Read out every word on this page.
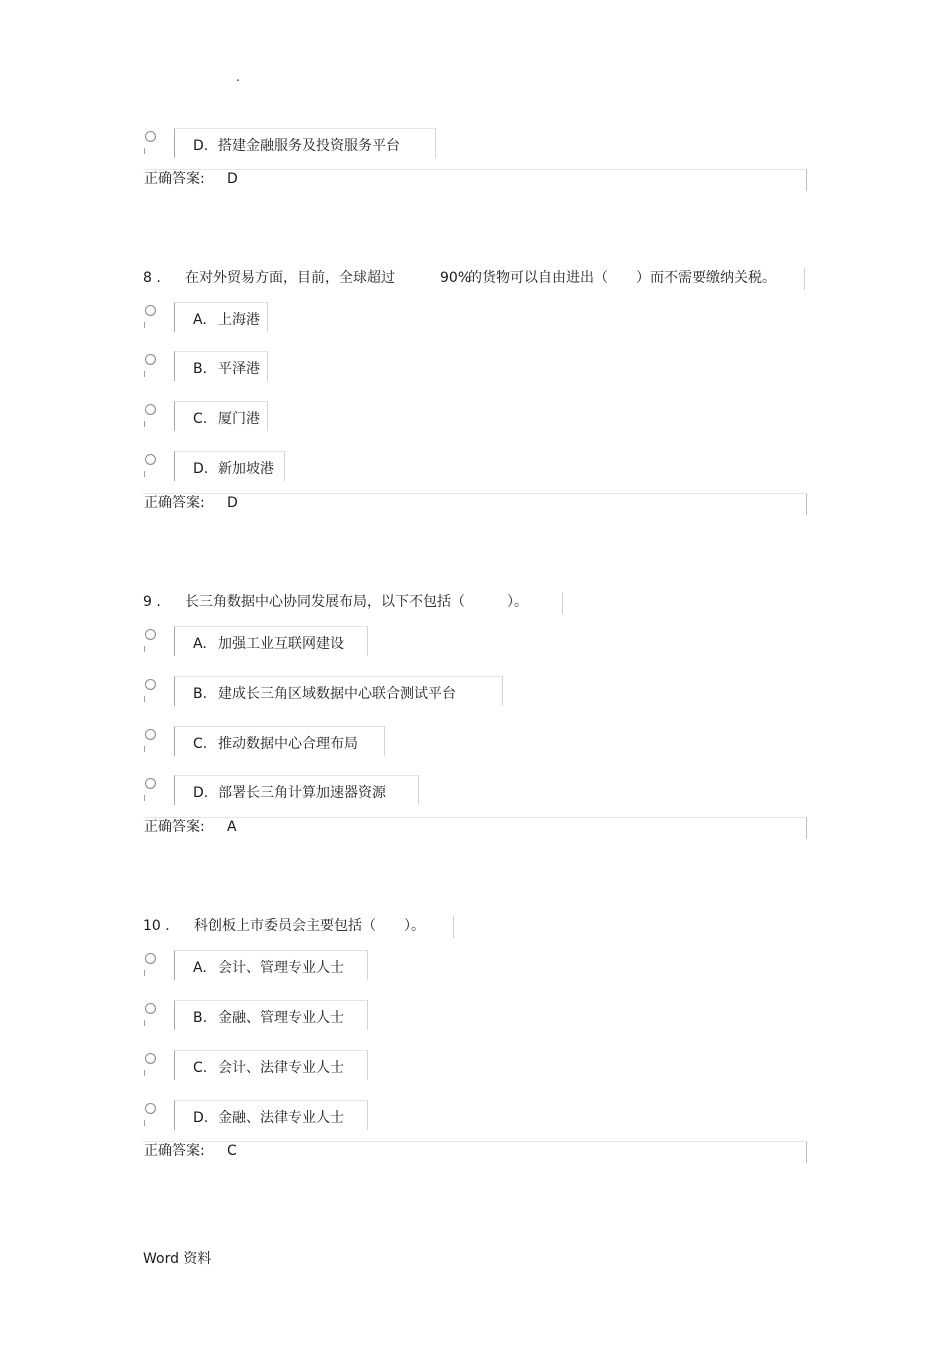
.
D. 搭建金融服务及投资服务平台
正确答案: D
8 . 在对外贸易方面，目前，全球超过	90%
的货物可以自由进出（　　）而不需要缴纳关税。
A. 上海港
B. 平泽港
C. 厦门港
D. 新加坡港
正确答案: D
9 . 长三角数据中心协同发展布局，以下不包括（　　　）。
A. 加强工业互联网建设
B. 建成长三角区域数据中心联合测试平台
C. 推动数据中心合理布局
D. 部署长三角计算加速器资源
正确答案: A
10 . 科创板上市委员会主要包括（　　）。
A. 会计、管理专业人士
B. 金融、管理专业人士
C. 会计、法律专业人士
D. 金融、法律专业人士
正确答案: C
Word 资料
